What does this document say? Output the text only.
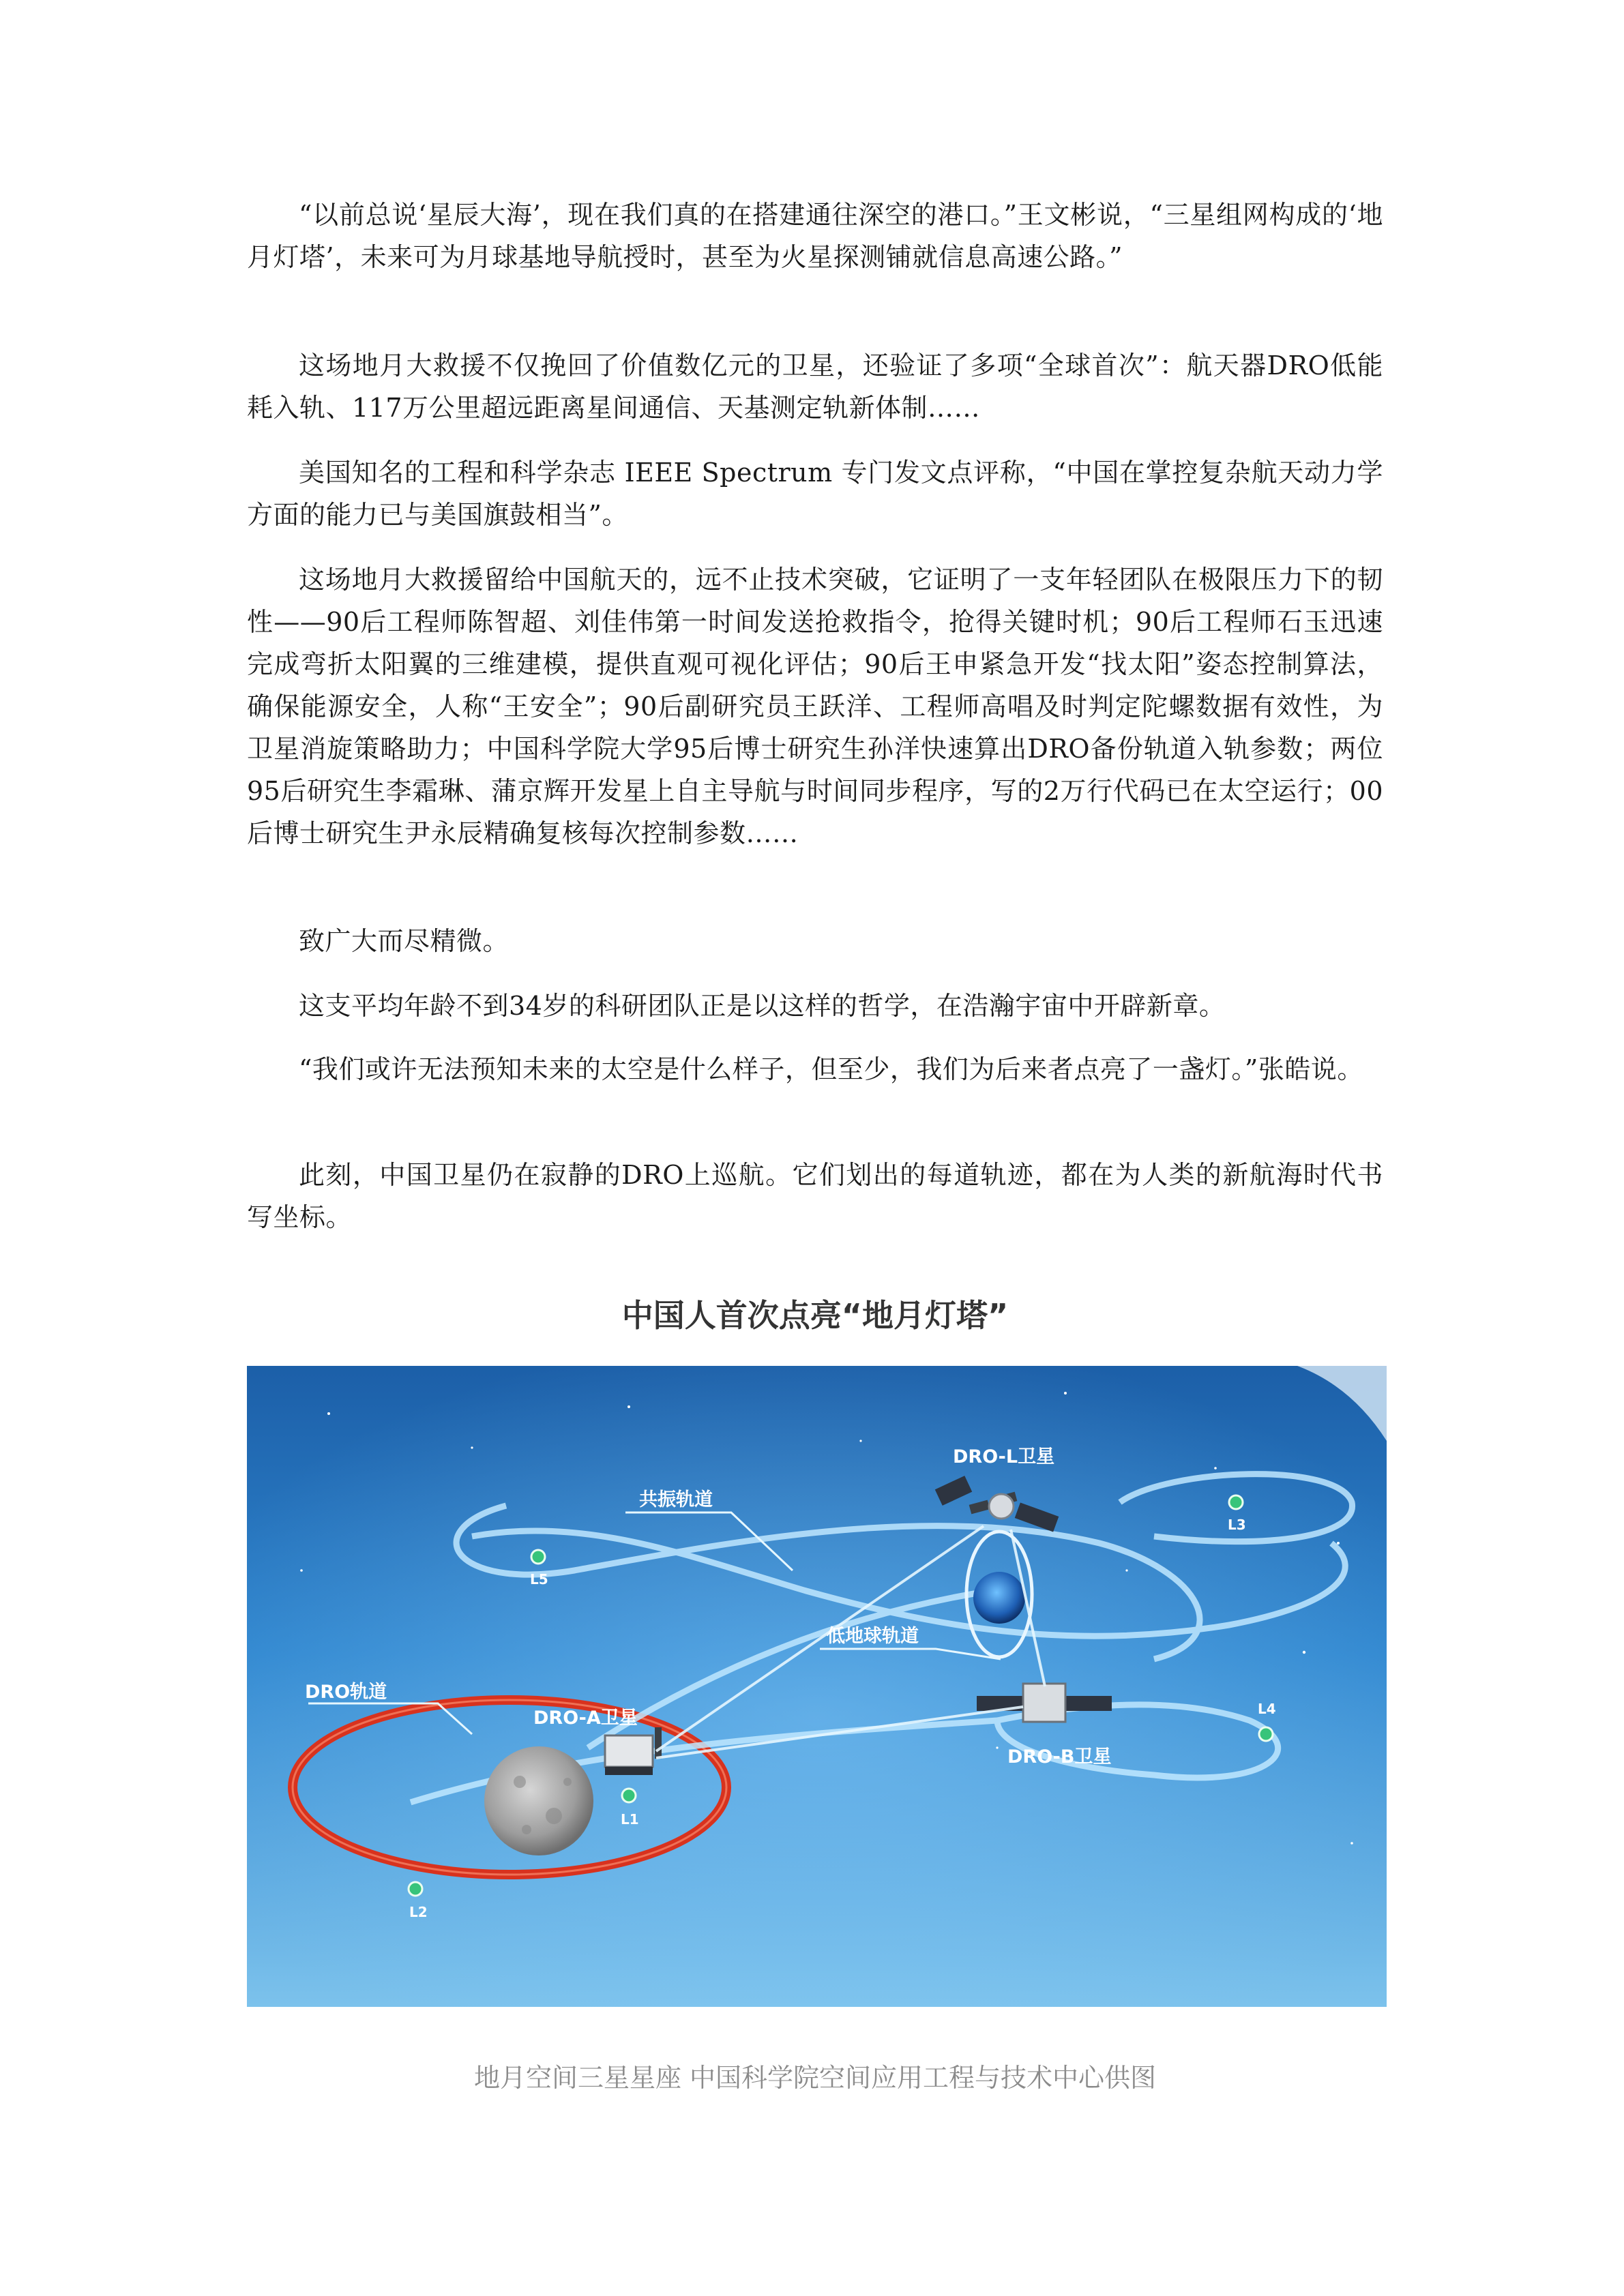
“以前总说‘星辰大海’，现在我们真的在搭建通往深空的港口。”王文彬说，“三星组网构成的‘地月灯塔’，未来可为月球基地导航授时，甚至为火星探测铺就信息高速公路。”

这场地月大救援不仅挽回了价值数亿元的卫星，还验证了多项“全球首次”：航天器DRO低能耗入轨、117万公里超远距离星间通信、天基测定轨新体制……

美国知名的工程和科学杂志 IEEE Spectrum 专门发文点评称，“中国在掌控复杂航天动力学方面的能力已与美国旗鼓相当”。

这场地月大救援留给中国航天的，远不止技术突破，它证明了一支年轻团队在极限压力下的韧性——90后工程师陈智超、刘佳伟第一时间发送抢救指令，抢得关键时机；90后工程师石玉迅速完成弯折太阳翼的三维建模，提供直观可视化评估；90后王申紧急开发“找太阳”姿态控制算法，确保能源安全，人称“王安全”；90后副研究员王跃洋、工程师高唱及时判定陀螺数据有效性，为卫星消旋策略助力；中国科学院大学95后博士研究生孙洋快速算出DRO备份轨道入轨参数；两位95后研究生李霜琳、蒲京辉开发星上自主导航与时间同步程序，写的2万行代码已在太空运行；00后博士研究生尹永辰精确复核每次控制参数……

致广大而尽精微。

这支平均年龄不到34岁的科研团队正是以这样的哲学，在浩瀚宇宙中开辟新章。

“我们或许无法预知未来的太空是什么样子，但至少，我们为后来者点亮了一盏灯。”张皓说。

此刻，中国卫星仍在寂静的DRO上巡航。它们划出的每道轨迹，都在为人类的新航海时代书写坐标。

中国人首次点亮“地月灯塔”
L1
L2
L3
L4
L5
DRO-L卫星
共振轨道
低地球轨道
DRO轨道
DRO-A卫星
DRO-B卫星

地月空间三星星座 中国科学院空间应用工程与技术中心供图
